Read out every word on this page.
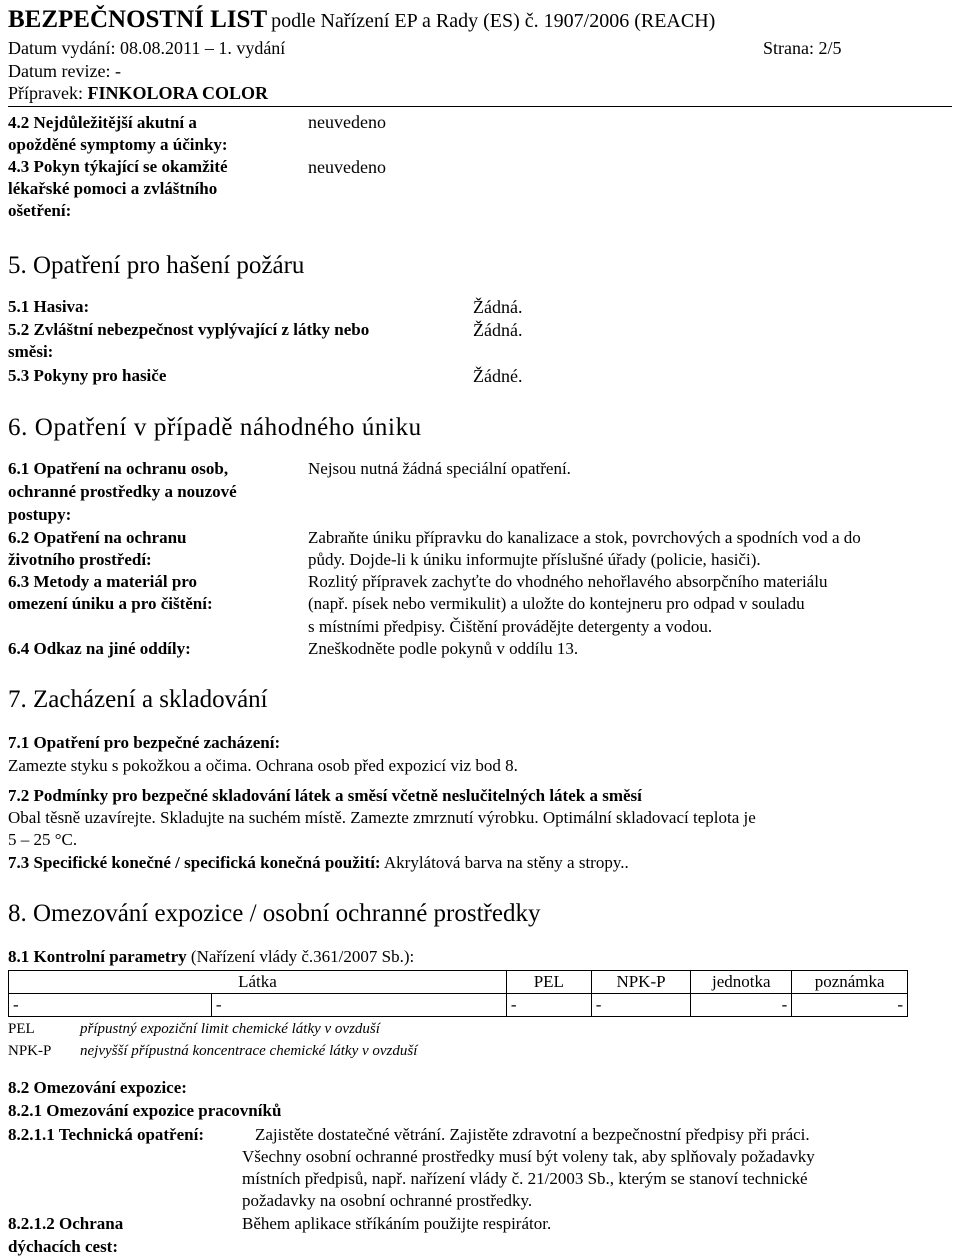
BEZPEČNOSTNÍ LIST podle Nařízení EP a Rady (ES) č. 1907/2006 (REACH)
Datum vydání: 08.08.2011 – 1. vydání	Strana: 2/5
Datum revize: -
Přípravek: FINKOLORA COLOR
4.2 Nejdůležitější akutní a
opožděné symptomy a účinky:
neuvedeno
4.3 Pokyn týkající se okamžité
lékařské pomoci a zvláštního
ošetření:
neuvedeno
5. Opatření pro hašení požáru
5.1 Hasiva:	Žádná.
5.2 Zvláštní nebezpečnost vyplývající z látky nebo
směsi:
Žádná.
5.3 Pokyny pro hasiče	Žádné.
6. Opatření v případě náhodného úniku
6.1 Opatření na ochranu osob,
ochranné prostředky a nouzové
postupy:
Nejsou nutná žádná speciální opatření.
6.2 Opatření na ochranu
životního prostředí:
Zabraňte úniku přípravku do kanalizace a stok, povrchových a spodních vod a do
půdy. Dojde-li k úniku informujte příslušné úřady (policie, hasiči).
6.3 Metody a materiál pro
omezení úniku a pro čištění:
Rozlitý přípravek zachyťte do vhodného nehořlavého absorpčního materiálu
(např. písek nebo vermikulit) a uložte do kontejneru pro odpad v souladu
s místními předpisy. Čištění provádějte detergenty a vodou.
6.4 Odkaz na jiné oddíly:	Zneškodněte podle pokynů v oddílu 13.
7. Zacházení a skladování
7.1 Opatření pro bezpečné zacházení:
Zamezte styku s pokožkou a očima. Ochrana osob před expozicí viz bod 8.
7.2 Podmínky pro bezpečné skladování látek a směsí včetně neslučitelných látek a směsí
Obal těsně uzavírejte. Skladujte na suchém místě. Zamezte zmrznutí výrobku. Optimální skladovací teplota je
5 – 25 °C.
7.3 Specifické konečné / specifická konečná použití: Akrylátová barva na stěny a stropy..
8. Omezování expozice / osobní ochranné prostředky
8.1 Kontrolní parametry (Nařízení vlády č.361/2007 Sb.):
Látka		PEL	NPK-P	jednotka	poznámka
-	-	-	-	-	-
PEL	přípustný expoziční limit chemické látky v ovzduší
NPK-P nejvyšší přípustná koncentrace chemické látky v ovzduší
8.2 Omezování expozice:
8.2.1 Omezování expozice pracovníků
8.2.1.1 Technická opatření:	Zajistěte dostatečné větrání. Zajistěte zdravotní a bezpečnostní předpisy při práci.
Všechny osobní ochranné prostředky musí být voleny tak, aby splňovaly požadavky
místních předpisů, např. nařízení vlády č. 21/2003 Sb., kterým se stanoví technické
požadavky na osobní ochranné prostředky.
8.2.1.2 Ochrana
dýchacích cest:
Během aplikace stříkáním použijte respirátor.
